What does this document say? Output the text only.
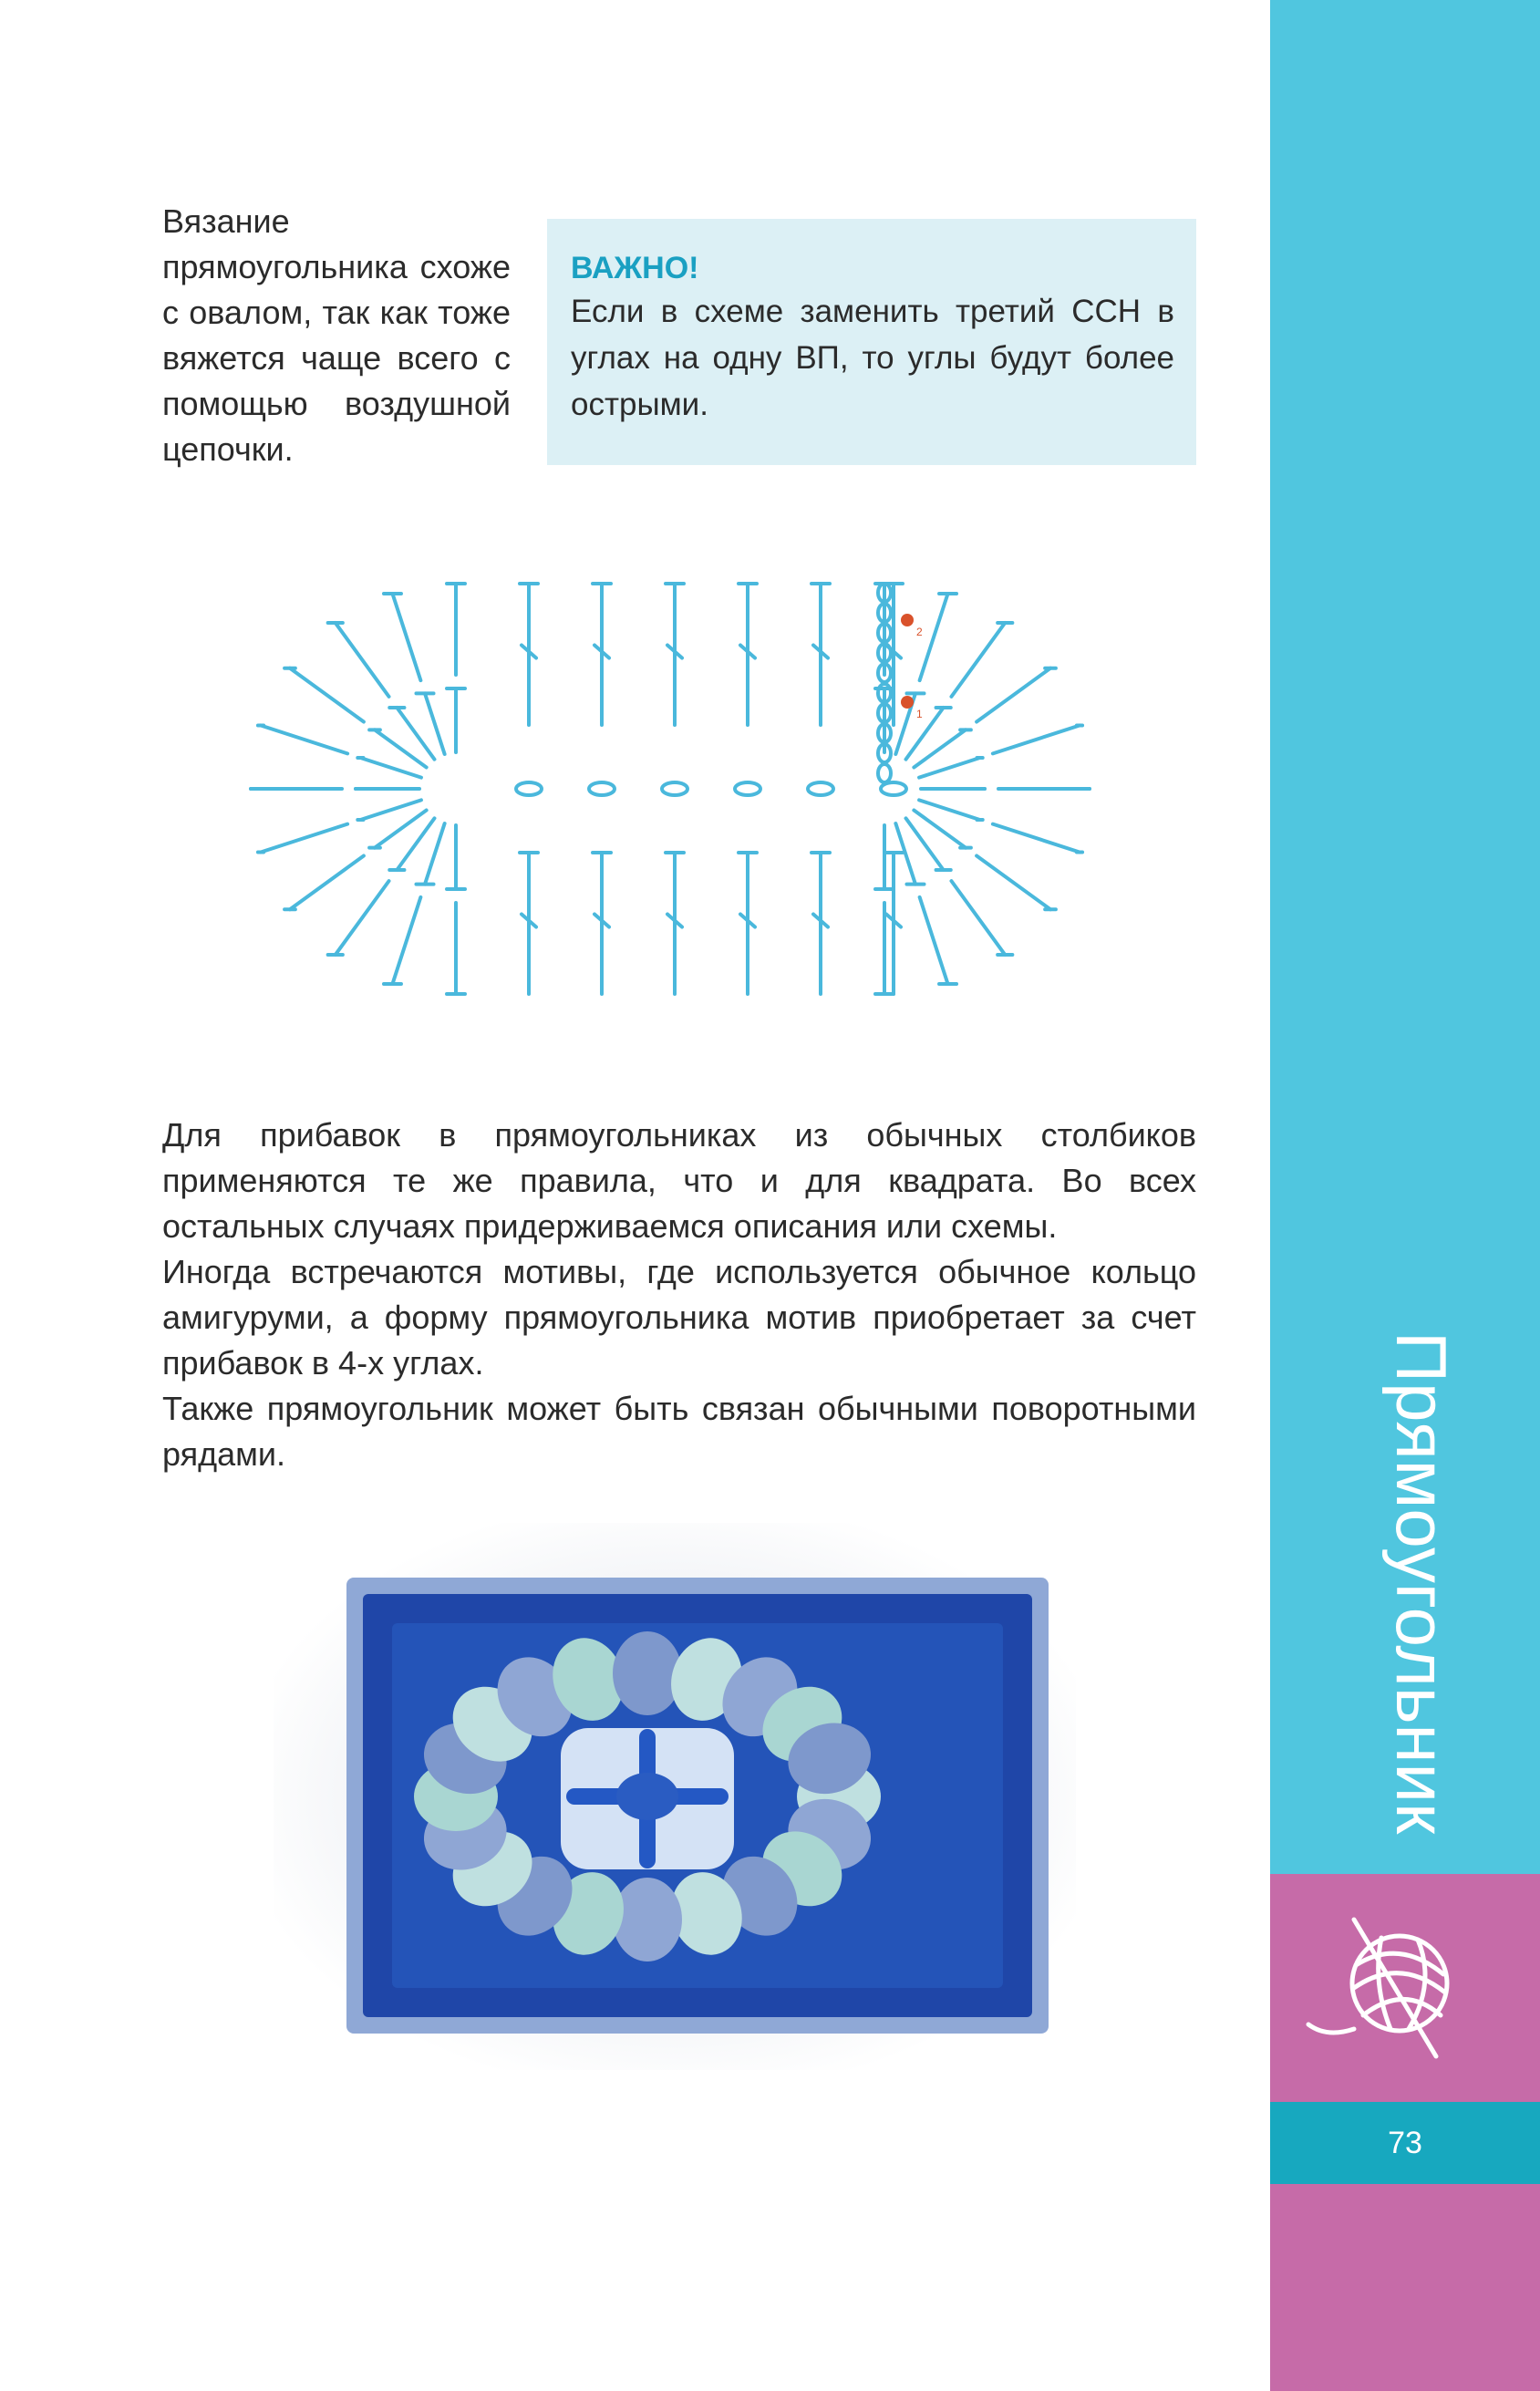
Вязание прямоугольника схоже с овалом, так как тоже вяжется чаще всего с помощью воздушной цепочки.

ВАЖНО!

Если в схеме заменить третий ССН в углах на одну ВП, то углы будут более острыми.

2
1

Для прибавок в прямоугольниках из обычных столбиков применяются те же правила, что и для квадрата. Во всех остальных случаях придерживаемся описания или схемы.

Иногда встречаются мотивы, где используется обычное кольцо амигуруми, а форму прямоугольника мотив приобретает за счет прибавок в 4-х углах.

Также прямоугольник может быть связан обычными поворотными рядами.	Прямоугольник

73
